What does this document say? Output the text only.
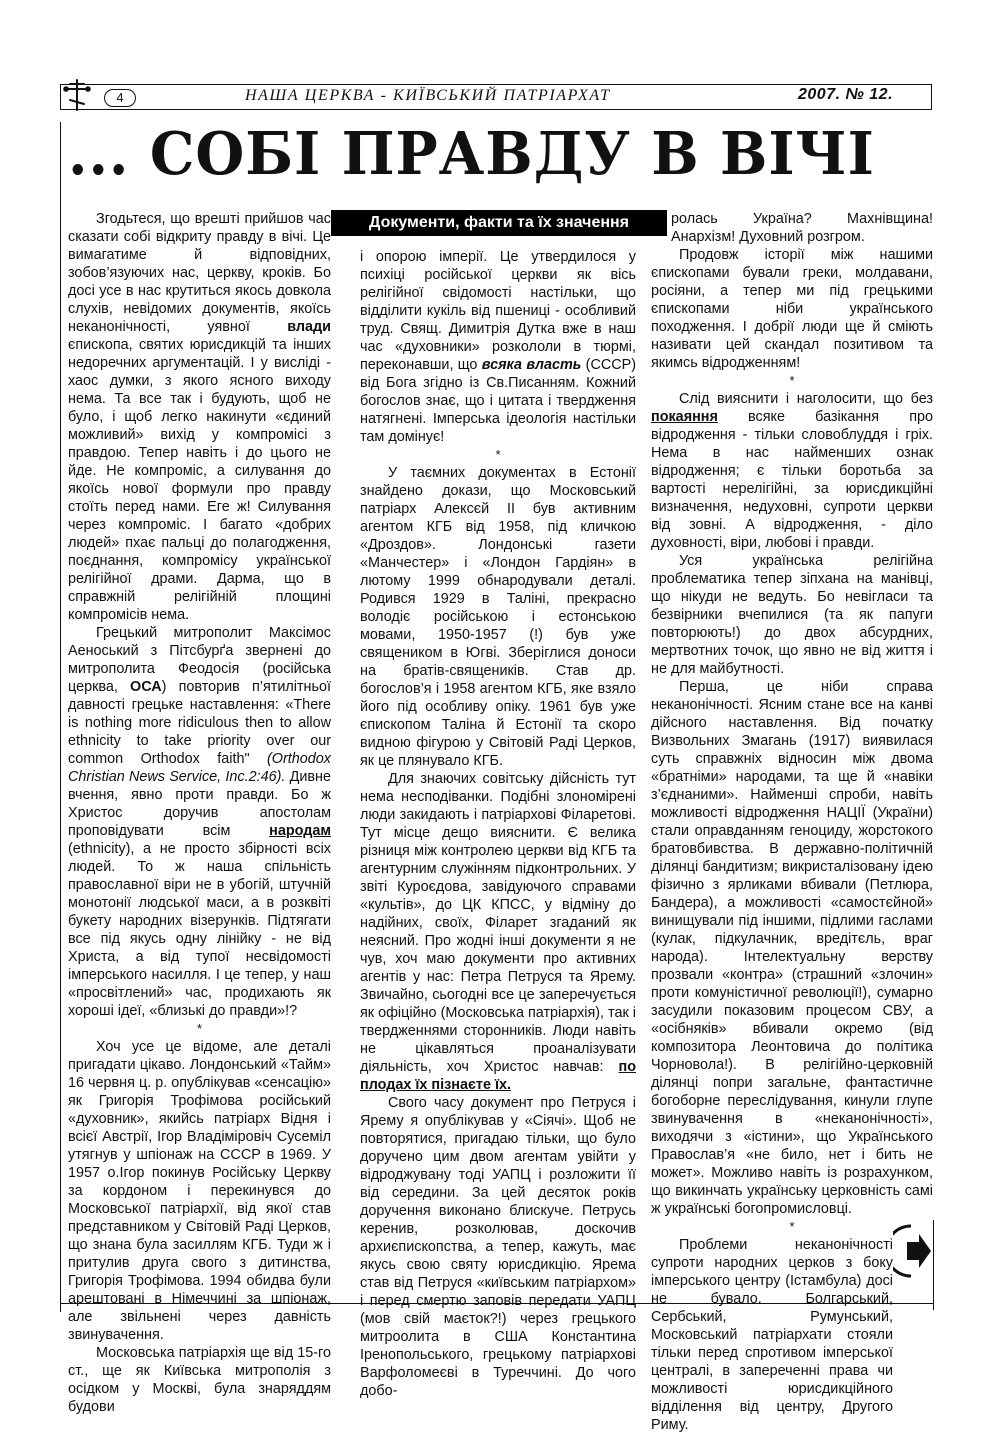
4	НАША ЦЕРКВА - КИЇВСЬКИЙ ПАТРІАРХАТ	2007. № 12.
... СОБІ ПРАВДУ В ВІЧІ
Документи, факти та їх значення

Згодьтеся, що врешті прийшов час сказати собі відкриту правду в вічі. Це вимагатиме й відповідних, зобов’язуючих нас, церкву, кроків. Бо досі усе в нас крутиться якось довкола слухів, невідомих документів, якоїсь неканонічності, уявної влади єпископа, святих юрисдикцій та інших недоречних аргументацій. І у висліді - хаос думки, з якого ясного виходу нема. Та все так і будують, щоб не було, і щоб легко накинути «єдиний можливий» вихід у компромісі з правдою. Тепер навіть і до цього не йде. Не компроміс, а силування до якоїсь нової формули про правду стоїть перед нами. Еге ж! Силування через компроміс. І багато «добрих людей» пхає пальці до полагодження, поєднання, компромісу української релігійної драми. Дарма, що в справжній релігійній площині компромісів нема.

Грецький митрополит Максімос Аеноський з Пітсбурґа звернені до митрополита Феодосія (російська церква, ОСА) повторив п’ятилітньої давності грецьке наставлення: «There is nothing more ridiculous then to allow ethnicity to take priority over our common Orthodox faith" (Orthodox Christian News Service, Inc.2:46). Дивне вчення, явно проти правди. Бо ж Христос доручив апостолам проповідувати всім народам (ethnicity), а не просто збірності всіх людей. То ж наша спільність православної віри не в убогій, штучній монотонії людської маси, а в розквіті букету народних візерунків. Підтягати все під якусь одну лінійку - не від Христа, а від тупої несвідомості імперського насилля. І це тепер, у наш «просвітлений» час, продихають як хороші ідеї, «близькі до правди»!?

*

Хоч усе це відоме, але деталі пригадати цікаво. Лондонський «Тайм» 16 червня ц. р. опублікував «сенсацію» як Григорія Трофімова російський «духовник», якийсь патріарх Відня і всієї Австрії, Ігор Владіміровіч Сусеміл утягнув у шпіонаж на СССР в 1969. У 1957 о.Ігор покинув Російську Церкву за кордоном і перекинувся до Московської патріархії, від якої став представником у Світовій Раді Церков, що знана була засиллям КГБ. Туди ж і притулив друга свого з дитинства, Григорія Трофімова. 1994 обидва були арештовані в Німеччині за шпіонаж, але звільнені через давність звинувачення.

Московська патріархія ще від 15-го ст., ще як Київська митрополія з осідком у Москві, була знаряддям будови

і опорою імперії. Це утвердилося у психіці російської церкви як вісь релігійної свідомості настільки, що відділити кукіль від пшениці - особливий труд. Свящ. Димитрія Дутка вже в наш час «духовники» розкололи в тюрмі, переконавши, що всяка власть (СССР) від Бога згідно із Св.Писанням. Кожний богослов знає, що і цитата і твердження натягнені. Імперська ідеологія настільки там домінує!

*

У таємних документах в Естонії знайдено докази, що Московський патріарх Алексєй II був активним агентом КГБ від 1958, під кличкою «Дроздов». Лондонські газети «Манчестер» і «Лондон Гардіян» в лютому 1999 обнародували деталі. Родився 1929 в Таліні, прекрасно володіє російською і естонською мовами, 1950-1957 (!) був уже священиком в Югві. Зберіглися доноси на братів-священиків. Став др. богослов’я і 1958 агентом КГБ, яке взяло його під особливу опіку. 1961 був уже єпископом Таліна й Естонії та скоро видною фігурою у Світовій Раді Церков, як це плянувало КГБ.

Для знаючих совітську дійсність тут нема несподіванки. Подібні злономірені люди закидають і патріархові Філаретові. Тут місце дещо вияснити. Є велика різниця між контролею церкви від КГБ та агентурним служінням підконтрольних. У звіті Куроєдова, завідуючого справами «культів», до ЦК КПСС, у відміну до надійних, своїх, Філарет згаданий як неясний. Про жодні інші документи я не чув, хоч маю документи про активних агентів у нас: Петра Петруся та Ярему. Звичайно, сьогодні все це заперечується як офіційно (Московська патріархія), так і твердженнями сторонників. Люди навіть не цікавляться проаналізувати діяльність, хоч Христос навчав: по плодах їх пізнаєте їх.

Свого часу документ про Петруся і Ярему я опублікував у «Сіячі». Щоб не повторятися, пригадаю тільки, що було доручено цим двом агентам увійти у відроджувану тоді УАПЦ і розложити її від середини. За цей десяток років доручення виконано блискуче. Петрусь керенив, розколював, доскочив архиєпископства, а тепер, кажуть, має якусь свою святу юрисдикцію. Ярема став від Петруся «київським патріархом» і перед смертю заповів передати УАПЦ (мов свій маєток?!) через грецького митроолита в США Константина Іренопольського, грецькому патріархові Варфоломеєві в Туреччині. До чого добо-

ролась Україна? Махнівщина! Анархізм! Духовний розгром.

Продовж історії між нашими єпископами бували греки, молдавани, росіяни, а тепер ми під грецькими єпископами ніби українського походження. І добрії люди ще й сміють називати цей скандал позитивом та якимсь відродженням!

*

Слід вияснити і наголосити, що без покаяння всяке базікання про відродження - тільки словоблуддя і гріх. Нема в нас найменших ознак відродження; є тільки боротьба за вартості нерелігійні, за юрисдикційні визначення, недуховні, супроти церкви від зовні. А відродження, - діло духовності, віри, любові і правди.

Уся українська релігійна проблематика тепер зіпхана на манівці, що нікуди не ведуть. Бо невігласи та безвірники вчепилися (та як папуги повторюють!) до двох абсурдних, мертвотних точок, що явно не від життя і не для майбутності.

Перша, це ніби справа неканонічності. Ясним стане все на канві дійсного наставлення. Від початку Визвольних Змагань (1917) виявилася суть справжніх відносин між двома «братніми» народами, та ще й «навіки з’єднаними». Найменші спроби, навіть можливості відродження НАЦІЇ (України) стали оправданням геноциду, жорстокого братовбивства. В державно-політичній ділянці бандитизм; викристалізовану ідею фізично з ярликами вбивали (Петлюра, Бандера), а можливості «самостєйной» винищували під іншими, підлими гаслами (кулак, підкулачник, вредітєль, враг народа). Інтелектуальну верству прозвали «контра» (страшний «злочин» проти комуністичної революції!), сумарно засудили показовим процесом СВУ, а «осібняків» вбивали окремо (від композитора Леонтовича до політика Чорновола!). В релігійно-церковній ділянці попри загальне, фантастичне богоборне переслідування, кинули глупе звинувачення в «неканонічності», виходячи з «істини», що Українського Православ’я «не било, нет і бить не может». Можливо навіть із розрахунком, що викинчать українську церковність самі ж українські богопромисловці.

*

Проблеми неканонічності супроти народних церков з боку імперського центру (Істамбула) досі не бувало. Болгарський, Сербський, Румунський, Московський патріархати стояли тільки перед спротивом імперської централі, в запереченні права чи можливості юрисдикційного відділення від центру, Другого Риму.
